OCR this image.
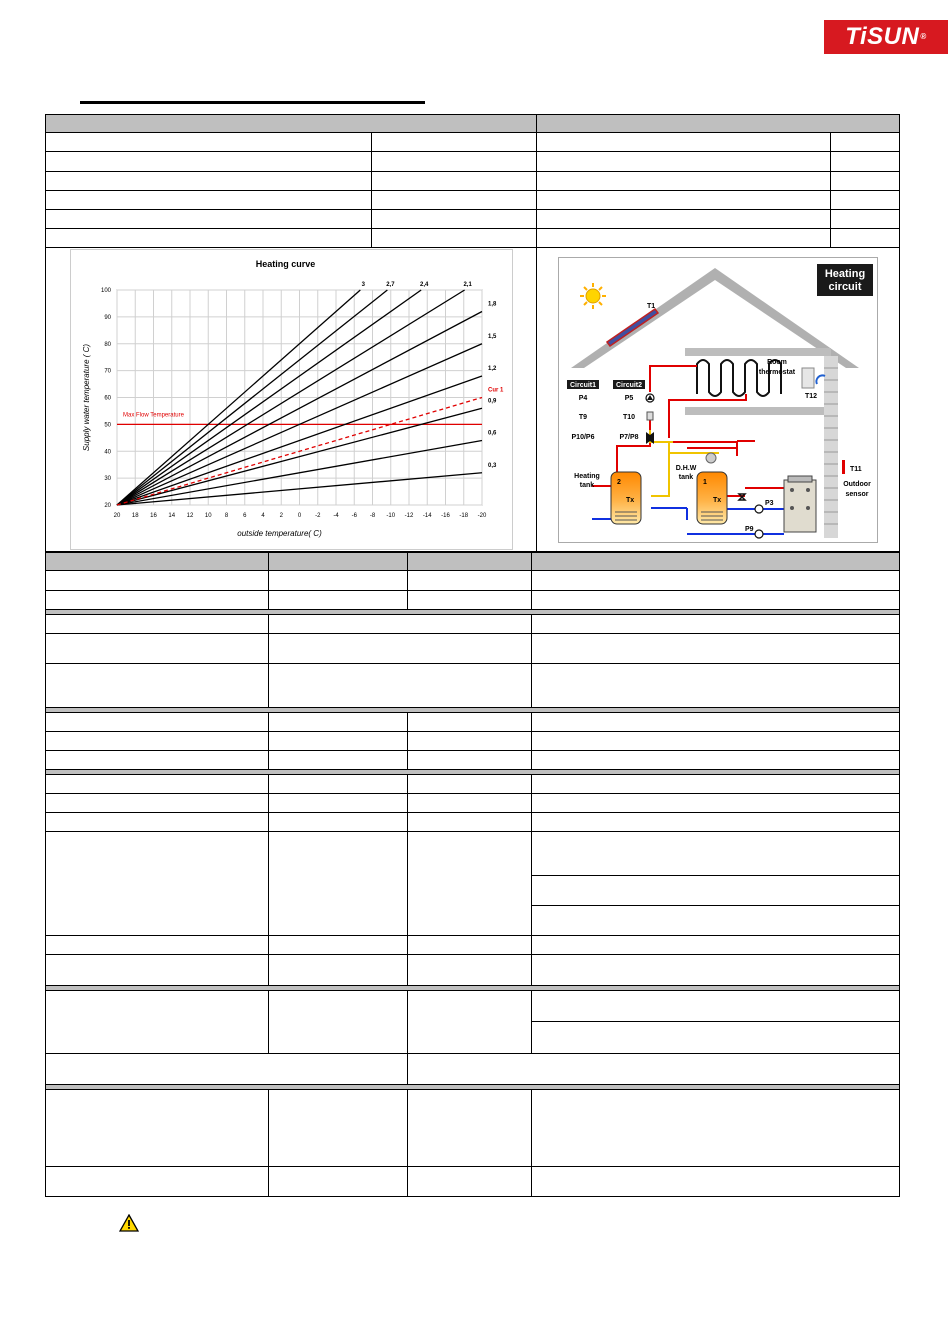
TiSUN®
20 18 16 14 12 10 8 6 4 2 0 -2 -4 -6 -8 -10 -12 -14 -16 -18 -20
20
30
40
50
60
70
80
90
100
Heating curve
outside temperature( C)
Supply water temperature ( C)	Max Flow Temperature
3	2,7	2,4	2,1
1,8
1,5
1,2
0,9
0,6
0,3
Cur 1
T1
Heating
circuit
Circuit1	Circuit2
P4	P5
T9	T10
P10/P6	P7/P8
Room
thermostat
T12
Heating
tank	2
Tx
D.H.W
tank
1
Tx	P3
P9
T11
Outdoor
sensor
